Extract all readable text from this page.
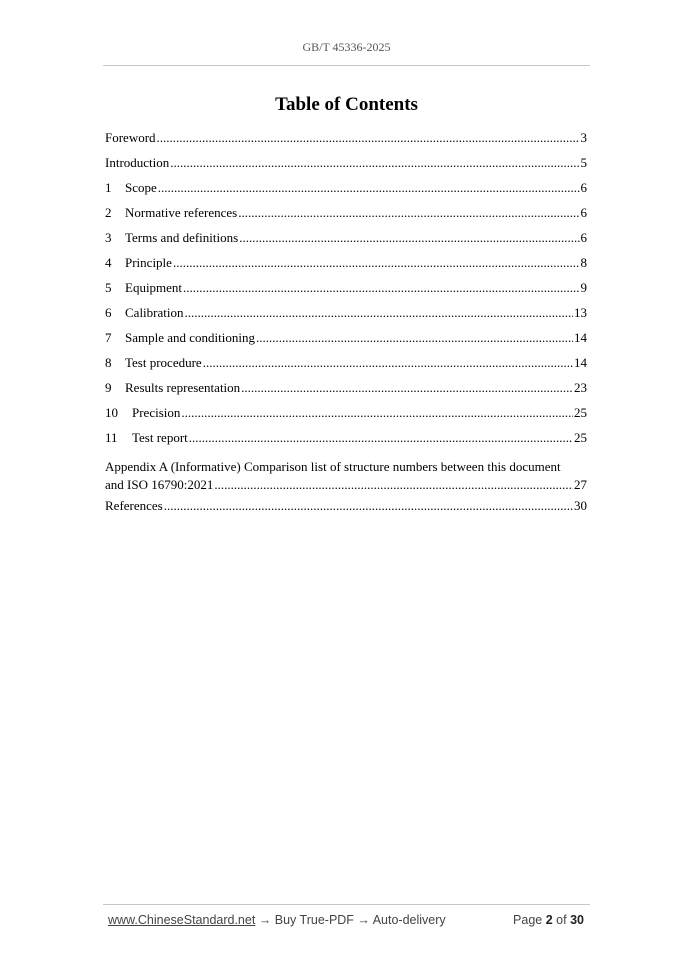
GB/T 45336-2025
Table of Contents
Foreword .....	3
Introduction .....	5
1	Scope .....	6
2	Normative references .....	6
3	Terms and definitions .....	6
4	Principle .....	8
5	Equipment .....	9
6	Calibration .....	13
7	Sample and conditioning .....	14
8	Test procedure .....	14
9	Results representation .....	23
10	Precision .....	25
11	Test report .....	25
Appendix A (Informative) Comparison list of structure numbers between this document
and ISO 16790:2021 .....	27
References .....	30
www.ChineseStandard.net → Buy True-PDF → Auto-delivery	Page 2 of 30
